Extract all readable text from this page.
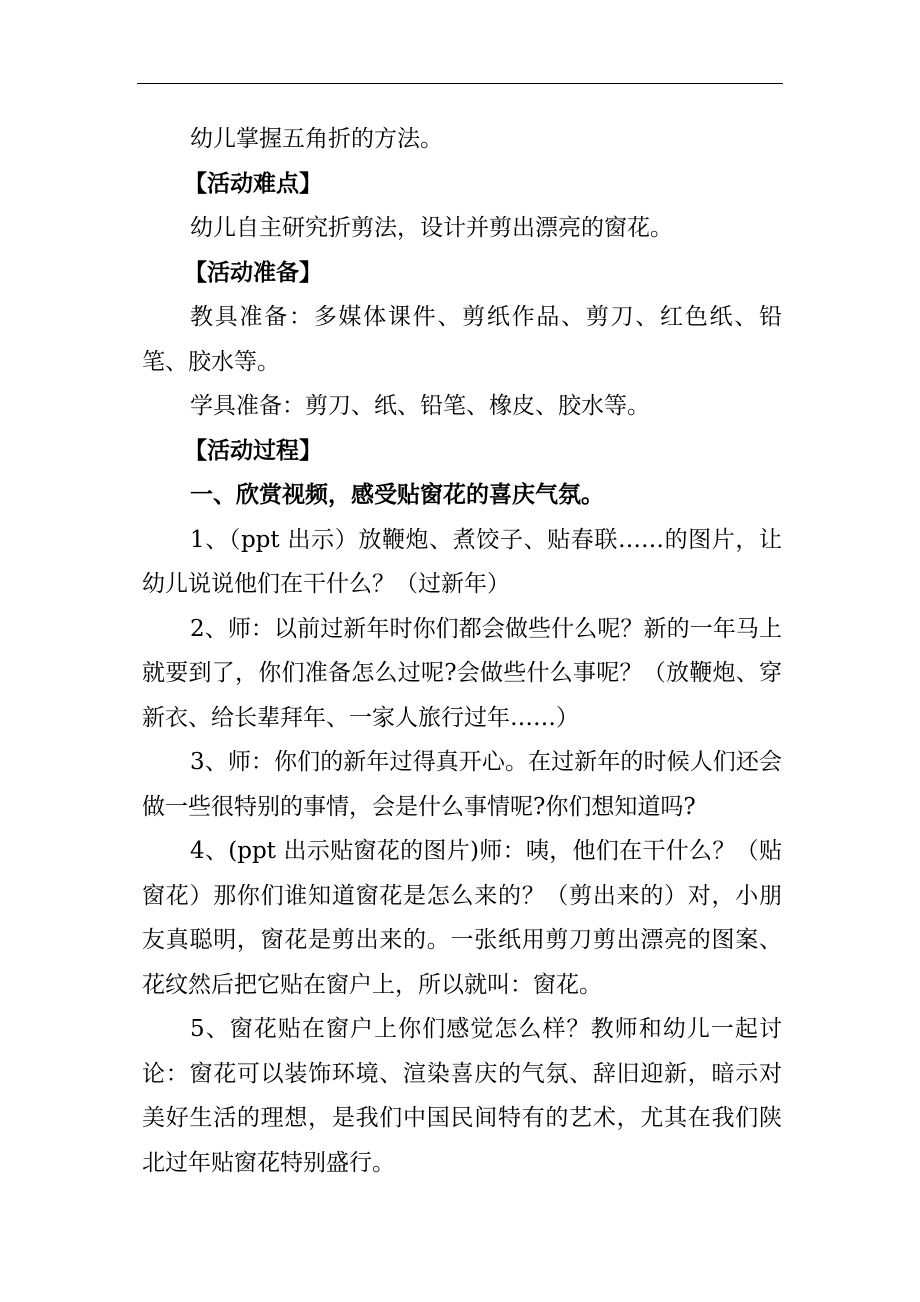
幼儿掌握五角折的方法。

【活动难点】

幼儿自主研究折剪法，设计并剪出漂亮的窗花。

【活动准备】

教具准备：多媒体课件、剪纸作品、剪刀、红色纸、铅笔、胶水等。

学具准备：剪刀、纸、铅笔、橡皮、胶水等。

【活动过程】

一、欣赏视频，感受贴窗花的喜庆气氛。

1、（ppt 出示）放鞭炮、煮饺子、贴春联……的图片，让幼儿说说他们在干什么？（过新年）

2、师：以前过新年时你们都会做些什么呢？新的一年马上就要到了，你们准备怎么过呢?会做些什么事呢？（放鞭炮、穿新衣、给长辈拜年、一家人旅行过年……）

3、师：你们的新年过得真开心。在过新年的时候人们还会做一些很特别的事情，会是什么事情呢?你们想知道吗?

4、(ppt 出示贴窗花的图片)师：咦，他们在干什么？（贴窗花）那你们谁知道窗花是怎么来的？（剪出来的）对，小朋友真聪明，窗花是剪出来的。一张纸用剪刀剪出漂亮的图案、花纹然后把它贴在窗户上，所以就叫：窗花。

5、窗花贴在窗户上你们感觉怎么样？教师和幼儿一起讨论：窗花可以装饰环境、渲染喜庆的气氛、辞旧迎新，暗示对美好生活的理想，是我们中国民间特有的艺术，尤其在我们陕北过年贴窗花特别盛行。
